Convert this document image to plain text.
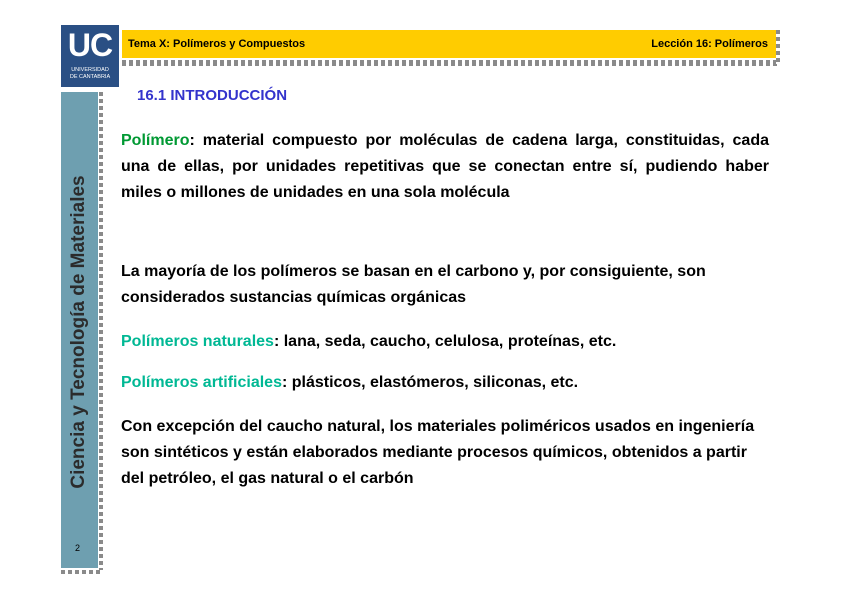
UC
UNIVERSIDAD
DE CANTABRIA
Tema X: Polímeros y Compuestos	Lección 16: Polímeros
Ciencia y Tecnología de Materiales
2
16.1 INTRODUCCIÓN

Polímero: material compuesto por moléculas de cadena larga, constituidas, cada una de ellas, por unidades repetitivas que se conectan entre sí, pudiendo haber miles o millones de unidades en una sola molécula

La mayoría de los polímeros se basan en el carbono y, por consiguiente, son considerados sustancias químicas orgánicas

Polímeros naturales: lana, seda, caucho, celulosa, proteínas, etc.

Polímeros artificiales: plásticos, elastómeros, siliconas, etc.

Con excepción del caucho natural, los materiales poliméricos usados en ingeniería son sintéticos y están elaborados mediante procesos químicos, obtenidos a partir del petróleo, el gas natural o el carbón
